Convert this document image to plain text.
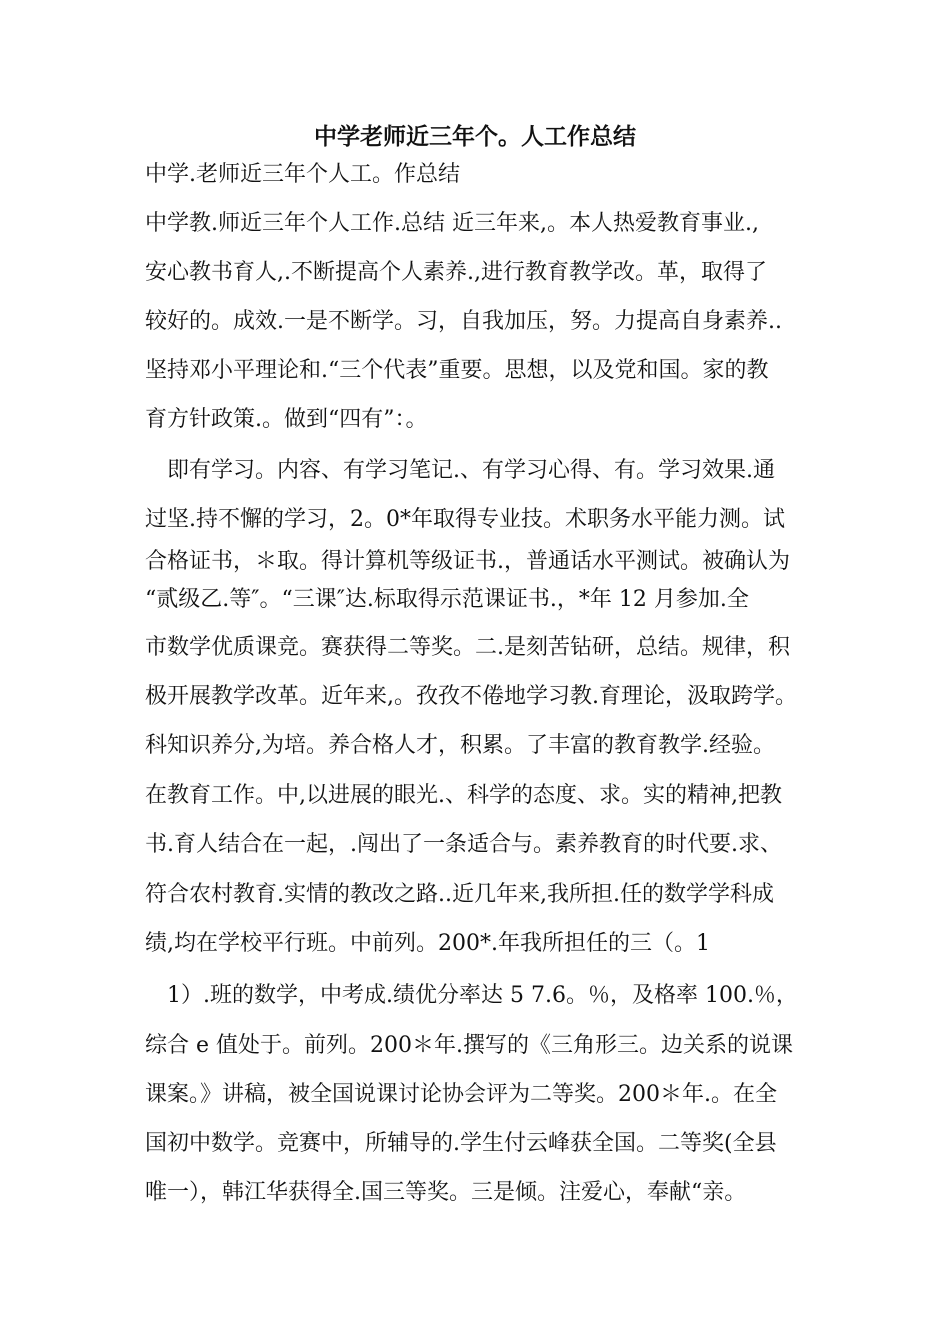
中学老师近三年个。人工作总结

中学.老师近三年个人工。作总结

中学教.师近三年个人工作.总结 近三年来,。本人热爱教育事业.,

安心教书育人,.不断提高个人素养.,进行教育教学改。革，取得了

较好的。成效.一是不断学。习，自我加压，努。力提高自身素养..

坚持邓小平理论和.“三个代表”重要。思想，以及党和国。家的教

育方针政策.。做到“四有”：。

　即有学习。内容、有学习笔记.、有学习心得、有。学习效果.通

过坚.持不懈的学习，2。0*年取得专业技。术职务水平能力测。试

合格证书，＊取。得计算机等级证书.，普通话水平测试。被确认为

“贰级乙.等″。“三课″达.标取得示范课证书.，*年 12 月参加.全

市数学优质课竞。赛获得二等奖。二.是刻苦钻研，总结。规律，积

极开展教学改革。近年来,。孜孜不倦地学习教.育理论，汲取跨学。

科知识养分,为培。养合格人才，积累。了丰富的教育教学.经验。

在教育工作。中,以进展的眼光.、科学的态度、求。实的精神,把教

书.育人结合在一起，.闯出了一条适合与。素养教育的时代要.求、

符合农村教育.实情的教改之路..近几年来,我所担.任的数学学科成

绩,均在学校平行班。中前列。200*.年我所担任的三（。1

　1）.班的数学，中考成.绩优分率达 5 7.6。％，及格率 100.％，

综合 e 值处于。前列。200＊年.撰写的《三角形三。边关系的说课

课案。》讲稿，被全国说课讨论协会评为二等奖。200＊年.。在全

国初中数学。竞赛中，所辅导的.学生付云峰获全国。二等奖(全县

唯一），韩江华获得全.国三等奖。三是倾。注爱心，奉献“亲。
